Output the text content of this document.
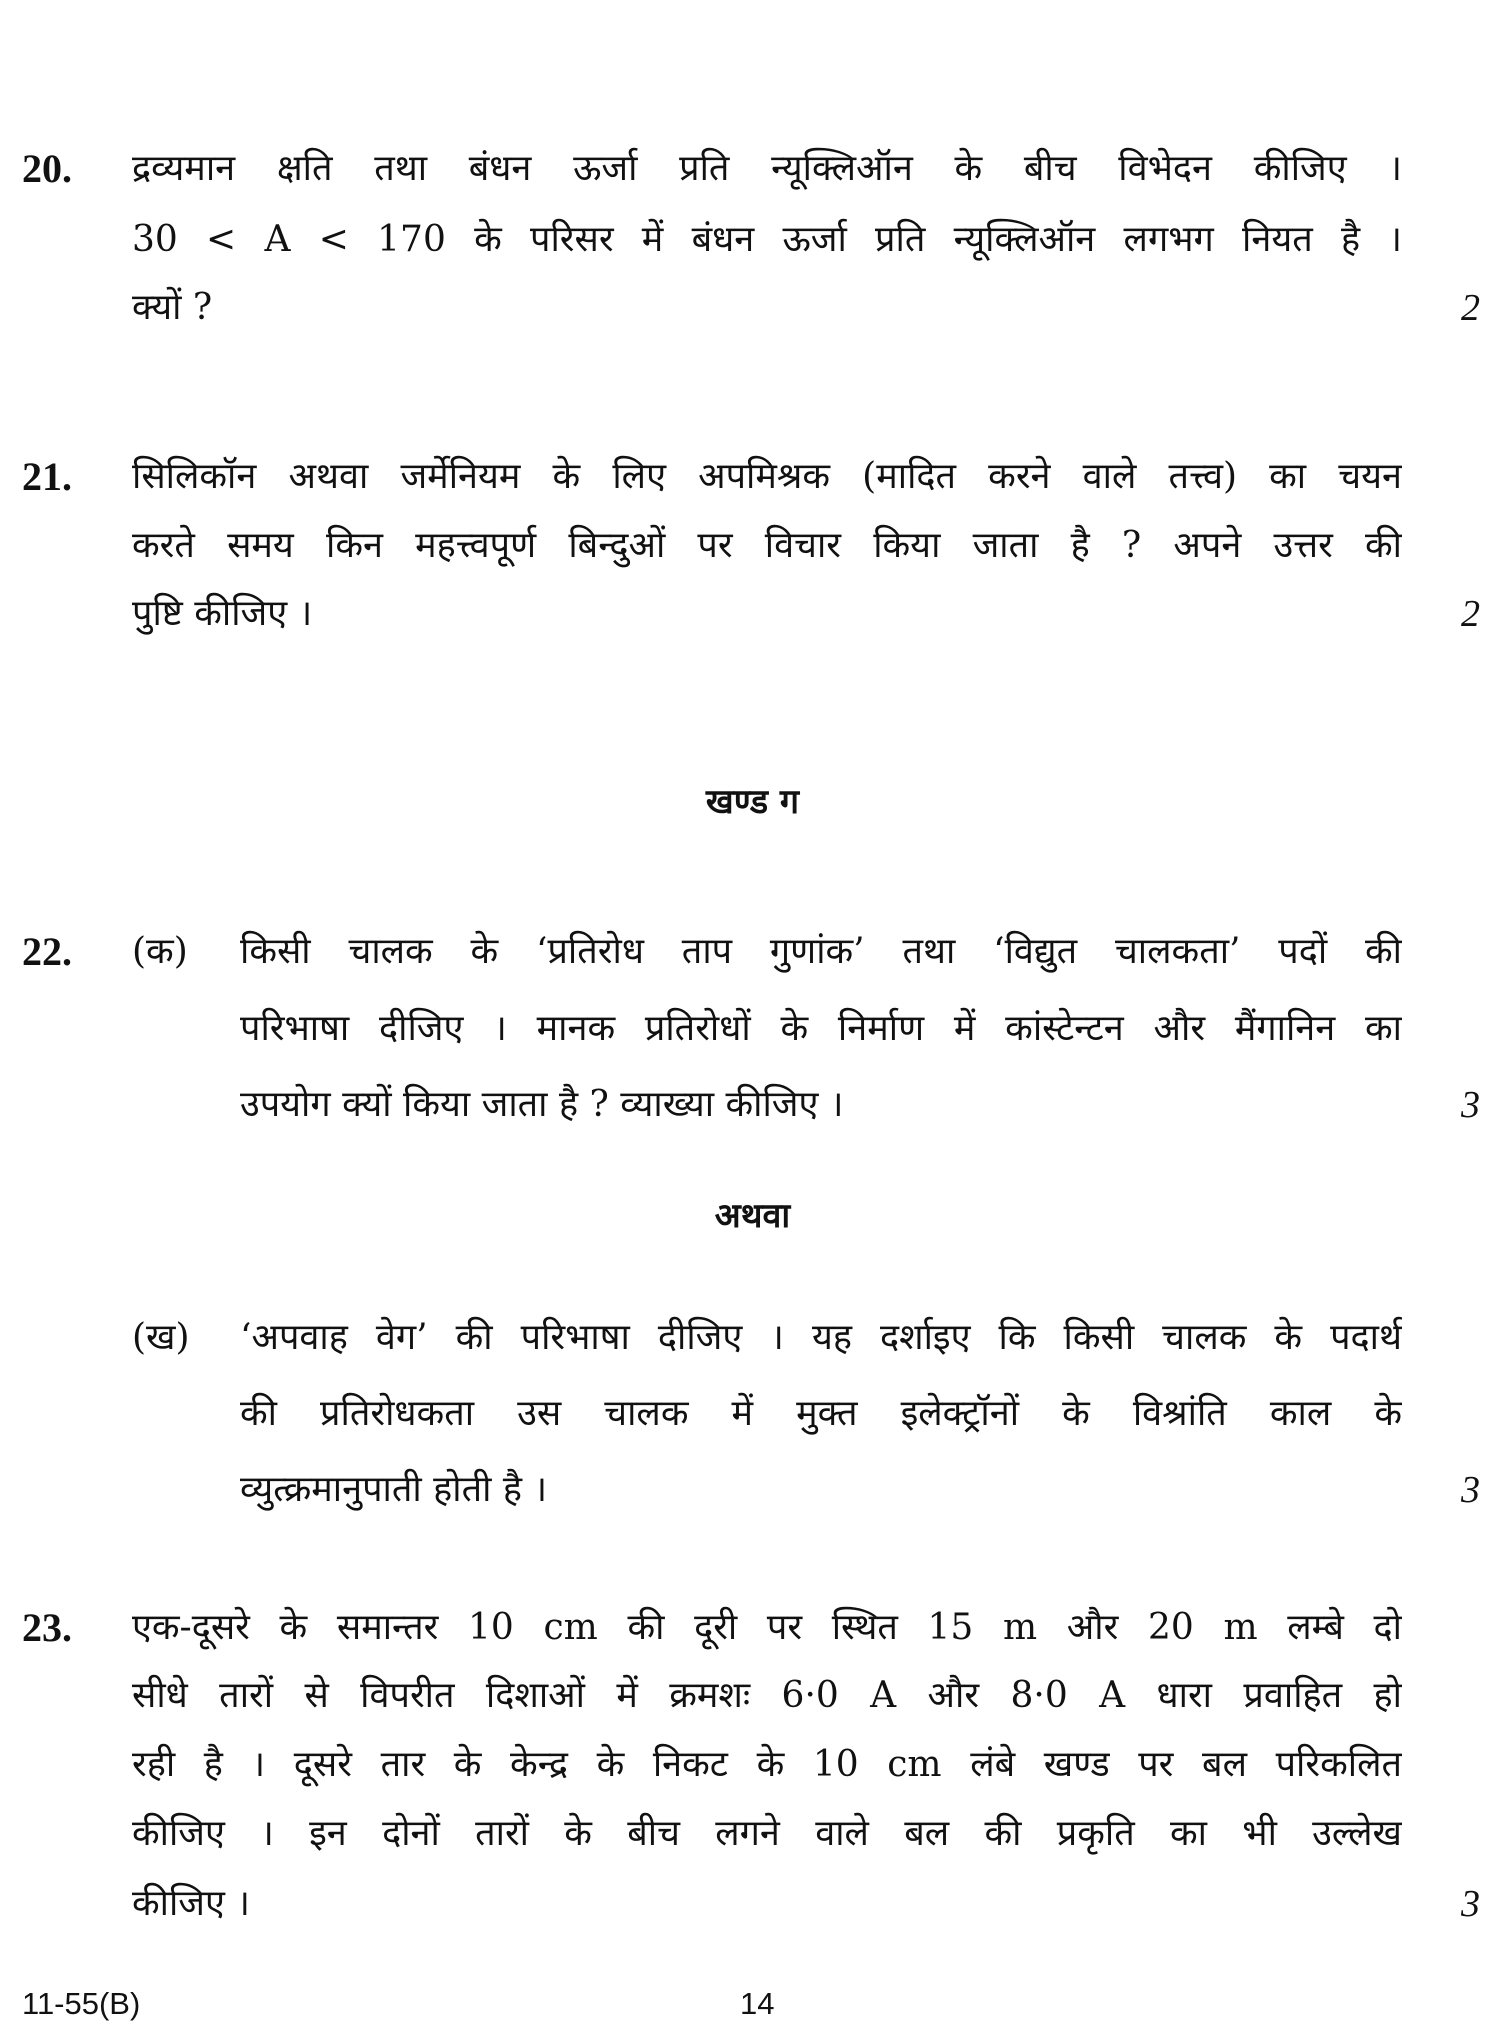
20. द्रव्यमान क्षति तथा बंधन ऊर्जा प्रति न्यूक्लिऑन के बीच विभेदन कीजिए ।
30 < A < 170 के परिसर में बंधन ऊर्जा प्रति न्यूक्लिऑन लगभग नियत है ।
क्यों ?	2
21. सिलिकॉन अथवा जर्मेनियम के लिए अपमिश्रक (मादित करने वाले तत्त्व) का चयन
करते समय किन महत्त्वपूर्ण बिन्दुओं पर विचार किया जाता है ? अपने उत्तर की
पुष्टि कीजिए ।	2
खण्ड ग
22. (क) किसी चालक के ‘प्रतिरोध ताप गुणांक’ तथा ‘विद्युत चालकता’ पदों की
परिभाषा दीजिए । मानक प्रतिरोधों के निर्माण में कांस्टेन्टन और मैंगानिन का
उपयोग क्यों किया जाता है ? व्याख्या कीजिए ।	3
अथवा
(ख) ‘अपवाह वेग’ की परिभाषा दीजिए । यह दर्शाइए कि किसी चालक के पदार्थ
की प्रतिरोधकता उस चालक में मुक्त इलेक्ट्रॉनों के विश्रांति काल के
व्युत्क्रमानुपाती होती है ।	3
23. एक-दूसरे के समान्तर 10 cm की दूरी पर स्थित 15 m और 20 m लम्बे दो
सीधे तारों से विपरीत दिशाओं में क्रमशः 6·0 A और 8·0 A धारा प्रवाहित हो
रही है । दूसरे तार के केन्द्र के निकट के 10 cm लंबे खण्ड पर बल परिकलित
कीजिए । इन दोनों तारों के बीच लगने वाले बल की प्रकृति का भी उल्लेख
कीजिए ।	3
11-55(B)	14
